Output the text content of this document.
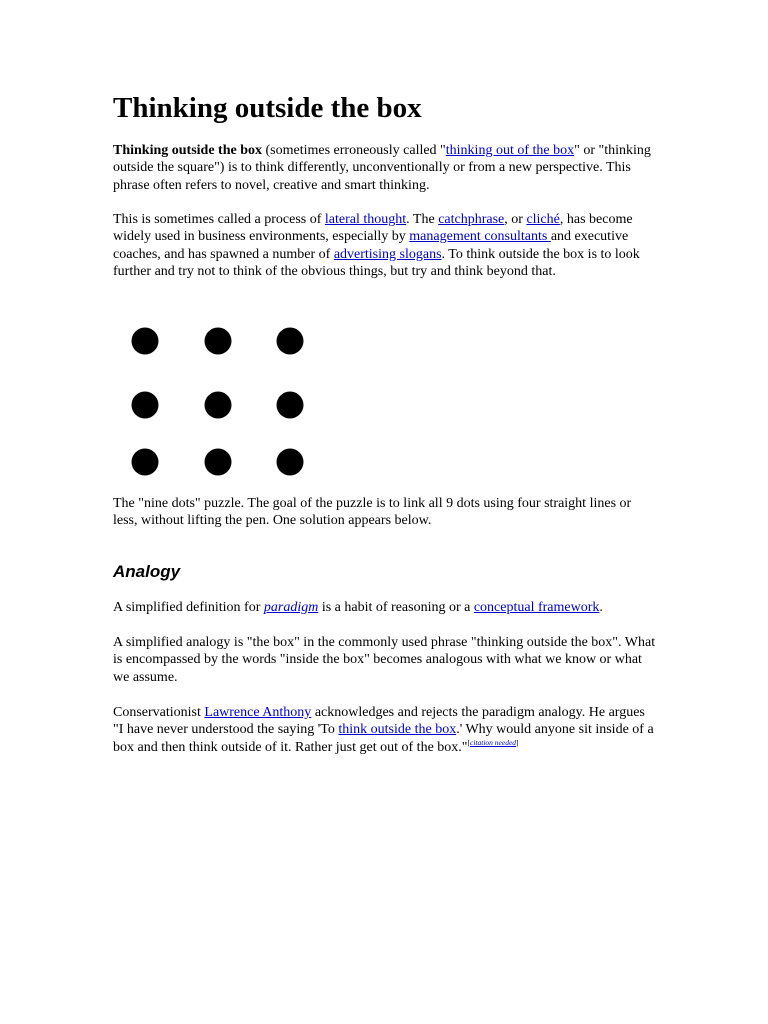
Thinking outside the box

Thinking outside the box (sometimes erroneously called "thinking out of the box" or "thinking outside the square") is to think differently, unconventionally or from a new perspective. This phrase often refers to novel, creative and smart thinking.

This is sometimes called a process of lateral thought. The catchphrase, or cliché, has become widely used in business environments, especially by management consultants and executive coaches, and has spawned a number of advertising slogans. To think outside the box is to look further and try not to think of the obvious things, but try and think beyond that.

The "nine dots" puzzle. The goal of the puzzle is to link all 9 dots using four straight lines or less, without lifting the pen. One solution appears below.

Analogy

A simplified definition for paradigm is a habit of reasoning or a conceptual framework.

A simplified analogy is "the box" in the commonly used phrase "thinking outside the box". What is encompassed by the words "inside the box" becomes analogous with what we know or what we assume.

Conservationist Lawrence Anthony acknowledges and rejects the paradigm analogy. He argues "I have never understood the saying 'To think outside the box.' Why would anyone sit inside of a box and then think outside of it. Rather just get out of the box."[citation needed]
